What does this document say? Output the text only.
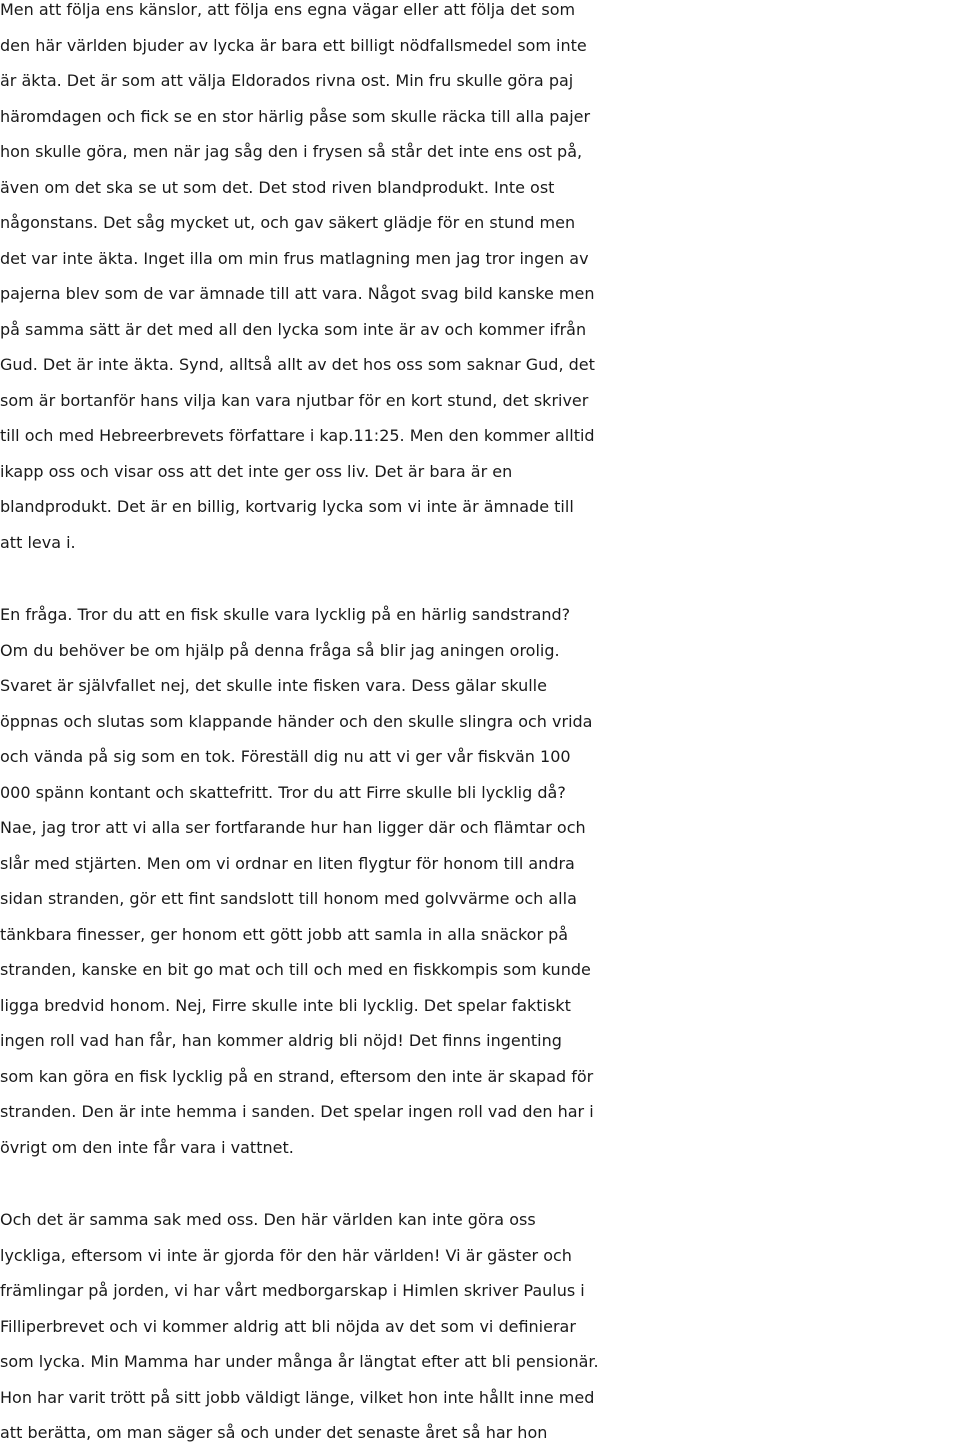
Men att följa ens känslor, att följa ens egna vägar eller att följa det som
den här världen bjuder av lycka är bara ett billigt nödfallsmedel som inte
är äkta. Det är som att välja Eldorados rivna ost. Min fru skulle göra paj
häromdagen och fick se en stor härlig påse som skulle räcka till alla pajer
hon skulle göra, men när jag såg den i frysen så står det inte ens ost på,
även om det ska se ut som det. Det stod riven blandprodukt. Inte ost
någonstans. Det såg mycket ut, och gav säkert glädje för en stund men
det var inte äkta. Inget illa om min frus matlagning men jag tror ingen av
pajerna blev som de var ämnade till att vara. Något svag bild kanske men
på samma sätt är det med all den lycka som inte är av och kommer ifrån
Gud. Det är inte äkta. Synd, alltså allt av det hos oss som saknar Gud, det
som är bortanför hans vilja kan vara njutbar för en kort stund, det skriver
till och med Hebreerbrevets författare i kap.11:25. Men den kommer alltid
ikapp oss och visar oss att det inte ger oss liv. Det är bara är en
blandprodukt. Det är en billig, kortvarig lycka som vi inte är ämnade till
att leva i.
En fråga. Tror du att en fisk skulle vara lycklig på en härlig sandstrand?
Om du behöver be om hjälp på denna fråga så blir jag aningen orolig.
Svaret är självfallet nej, det skulle inte fisken vara. Dess gälar skulle
öppnas och slutas som klappande händer och den skulle slingra och vrida
och vända på sig som en tok. Föreställ dig nu att vi ger vår fiskvän 100
000 spänn kontant och skattefritt. Tror du att Firre skulle bli lycklig då?
Nae, jag tror att vi alla ser fortfarande hur han ligger där och flämtar och
slår med stjärten. Men om vi ordnar en liten flygtur för honom till andra
sidan stranden, gör ett fint sandslott till honom med golvvärme och alla
tänkbara finesser, ger honom ett gött jobb att samla in alla snäckor på
stranden, kanske en bit go mat och till och med en fiskkompis som kunde
ligga bredvid honom. Nej, Firre skulle inte bli lycklig. Det spelar faktiskt
ingen roll vad han får, han kommer aldrig bli nöjd! Det finns ingenting
som kan göra en fisk lycklig på en strand, eftersom den inte är skapad för
stranden. Den är inte hemma i sanden. Det spelar ingen roll vad den har i
övrigt om den inte får vara i vattnet.
Och det är samma sak med oss. Den här världen kan inte göra oss
lyckliga, eftersom vi inte är gjorda för den här världen! Vi är gäster och
främlingar på jorden, vi har vårt medborgarskap i Himlen skriver Paulus i
Filliperbrevet och vi kommer aldrig att bli nöjda av det som vi definierar
som lycka. Min Mamma har under många år längtat efter att bli pensionär.
Hon har varit trött på sitt jobb väldigt länge, vilket hon inte hållt inne med
att berätta, om man säger så och under det senaste året så har hon
